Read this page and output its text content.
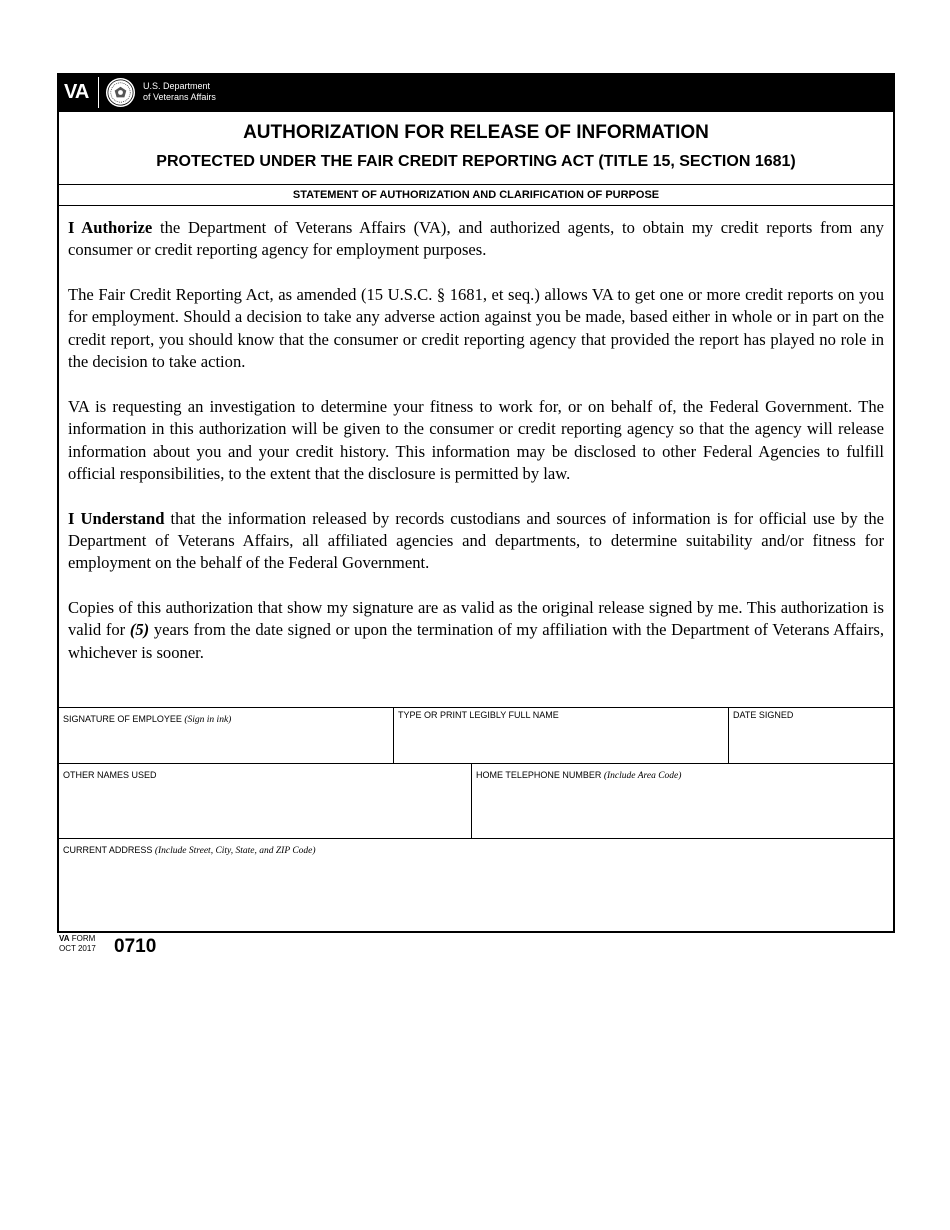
VA	U.S. Department
of Veterans Affairs
AUTHORIZATION FOR RELEASE OF INFORMATION
PROTECTED UNDER THE FAIR CREDIT REPORTING ACT (TITLE 15, SECTION 1681)
STATEMENT OF AUTHORIZATION AND CLARIFICATION OF PURPOSE

I Authorize the Department of Veterans Affairs (VA), and authorized agents, to obtain my credit reports from any consumer or credit reporting agency for employment purposes.

The Fair Credit Reporting Act, as amended (15 U.S.C. § 1681, et seq.) allows VA to get one or more credit reports on you for employment. Should a decision to take any adverse action against you be made, based either in whole or in part on the credit report, you should know that the consumer or credit reporting agency that provided the report has played no role in the decision to take action.

VA is requesting an investigation to determine your fitness to work for, or on behalf of, the Federal Government. The information in this authorization will be given to the consumer or credit reporting agency so that the agency will release information about you and your credit history. This information may be disclosed to other Federal Agencies to fulfill official responsibilities, to the extent that the disclosure is permitted by law.

I Understand that the information released by records custodians and sources of information is for official use by the Department of Veterans Affairs, all affiliated agencies and departments, to determine suitability and/or fitness for employment on the behalf of the Federal Government.

Copies of this authorization that show my signature are as valid as the original release signed by me. This authorization is valid for (5) years from the date signed or upon the termination of my affiliation with the Department of Veterans Affairs, whichever is sooner.

SIGNATURE OF EMPLOYEE (Sign in ink)	TYPE OR PRINT LEGIBLY FULL NAME	DATE SIGNED
OTHER NAMES USED	HOME TELEPHONE NUMBER (Include Area Code)
CURRENT ADDRESS (Include Street, City, State, and ZIP Code)
VA FORM
OCT 2017 0710
